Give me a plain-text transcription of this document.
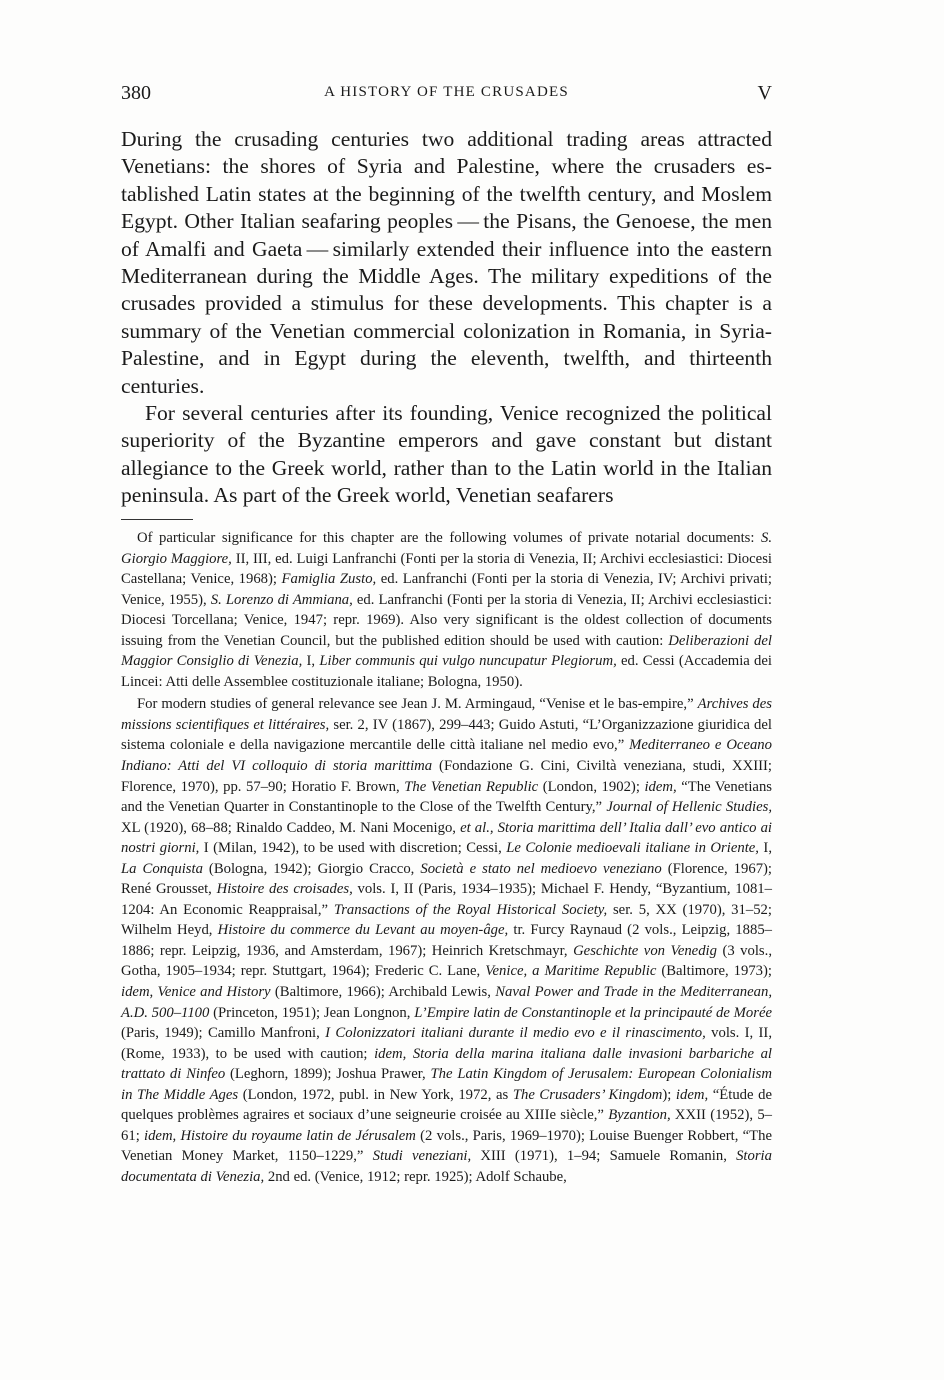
380	A HISTORY OF THE CRUSADES	V

During the crusading centuries two additional trading areas attracted Venetians: the shores of Syria and Palestine, where the crusaders established Latin states at the beginning of the twelfth century, and Moslem Egypt. Other Italian seafaring peoples — the Pisans, the Genoese, the men of Amalfi and Gaeta — similarly extended their influence into the eastern Mediterranean during the Middle Ages. The military expeditions of the crusades provided a stimulus for these developments. This chapter is a summary of the Venetian commercial colonization in Romania, in Syria-Palestine, and in Egypt during the eleventh, twelfth, and thirteenth centuries.

For several centuries after its founding, Venice recognized the political superiority of the Byzantine emperors and gave constant but distant allegiance to the Greek world, rather than to the Latin world in the Italian peninsula. As part of the Greek world, Venetian seafarers

Of particular significance for this chapter are the following volumes of private notarial documents: S. Giorgio Maggiore, II, III, ed. Luigi Lanfranchi (Fonti per la storia di Venezia, II; Archivi ecclesiastici: Diocesi Castellana; Venice, 1968); Famiglia Zusto, ed. Lanfranchi (Fonti per la storia di Venezia, IV; Archivi privati; Venice, 1955), S. Lorenzo di Ammiana, ed. Lanfranchi (Fonti per la storia di Venezia, II; Archivi ecclesiastici: Diocesi Torcellana; Venice, 1947; repr. 1969). Also very significant is the oldest collection of documents issuing from the Venetian Council, but the published edition should be used with caution: Deliberazioni del Maggior Consiglio di Venezia, I, Liber communis qui vulgo nuncupatur Plegiorum, ed. Cessi (Accademia dei Lincei: Atti delle Assemblee costituzionale italiane; Bologna, 1950).

For modern studies of general relevance see Jean J. M. Armingaud, “Venise et le bas-empire,” Archives des missions scientifiques et littéraires, ser. 2, IV (1867), 299–443; Guido Astuti, “L’Organizzazione giuridica del sistema coloniale e della navigazione mercantile delle città italiane nel medio evo,” Mediterraneo e Oceano Indiano: Atti del VI colloquio di storia marittima (Fondazione G. Cini, Civiltà veneziana, studi, XXIII; Florence, 1970), pp. 57–90; Horatio F. Brown, The Venetian Republic (London, 1902); idem, “The Venetians and the Venetian Quarter in Constantinople to the Close of the Twelfth Century,” Journal of Hellenic Studies, XL (1920), 68–88; Rinaldo Caddeo, M. Nani Mocenigo, et al., Storia marittima dell’ Italia dall’ evo antico ai nostri giorni, I (Milan, 1942), to be used with discretion; Cessi, Le Colonie medioevali italiane in Oriente, I, La Conquista (Bologna, 1942); Giorgio Cracco, Società e stato nel medioevo veneziano (Florence, 1967); René Grousset, Histoire des croisades, vols. I, II (Paris, 1934–1935); Michael F. Hendy, “Byzantium, 1081–1204: An Economic Reappraisal,” Transactions of the Royal Historical Society, ser. 5, XX (1970), 31–52; Wilhelm Heyd, Histoire du commerce du Levant au moyen-âge, tr. Furcy Raynaud (2 vols., Leipzig, 1885–1886; repr. Leipzig, 1936, and Amsterdam, 1967); Heinrich Kretschmayr, Geschichte von Venedig (3 vols., Gotha, 1905–1934; repr. Stuttgart, 1964); Frederic C. Lane, Venice, a Maritime Republic (Baltimore, 1973); idem, Venice and History (Baltimore, 1966); Archibald Lewis, Naval Power and Trade in the Mediterranean, A.D. 500–1100 (Princeton, 1951); Jean Longnon, L’Empire latin de Constantinople et la principauté de Morée (Paris, 1949); Camillo Manfroni, I Colonizzatori italiani durante il medio evo e il rinascimento, vols. I, II, (Rome, 1933), to be used with caution; idem, Storia della marina italiana dalle invasioni barbariche al trattato di Ninfeo (Leghorn, 1899); Joshua Prawer, The Latin Kingdom of Jerusalem: European Colonialism in The Middle Ages (London, 1972, publ. in New York, 1972, as The Crusaders’ Kingdom); idem, “Étude de quelques problèmes agraires et sociaux d’une seigneurie croisée au XIIIe siècle,” Byzantion, XXII (1952), 5–61; idem, Histoire du royaume latin de Jérusalem (2 vols., Paris, 1969–1970); Louise Buenger Robbert, “The Venetian Money Market, 1150–1229,” Studi veneziani, XIII (1971), 1–94; Samuele Romanin, Storia documentata di Venezia, 2nd ed. (Venice, 1912; repr. 1925); Adolf Schaube,
